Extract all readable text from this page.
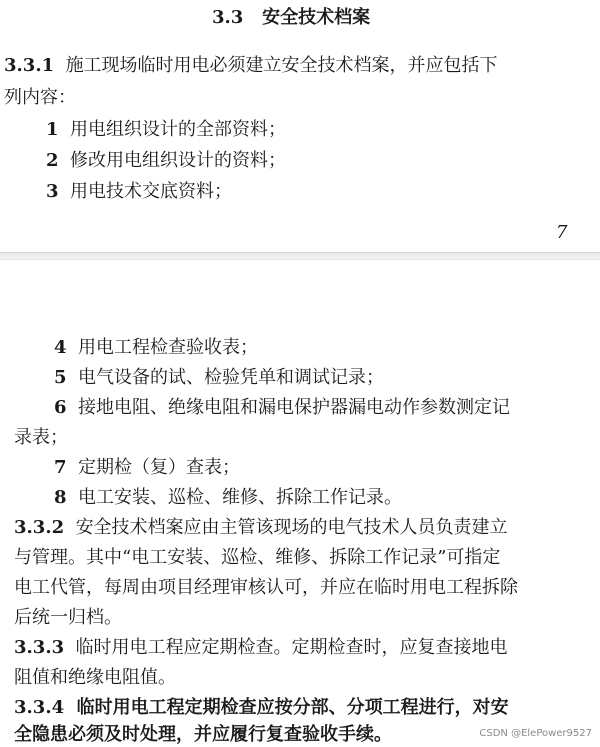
3.3 安全技术档案
3.3.1 施工现场临时用电必须建立安全技术档案，并应包括下
列内容：
1 用电组织设计的全部资料；
2 修改用电组织设计的资料；
3 用电技术交底资料；
7
4 用电工程检查验收表；
5 电气设备的试、检验凭单和调试记录；
6 接地电阻、绝缘电阻和漏电保护器漏电动作参数测定记
录表；
7 定期检（复）查表；
8 电工安装、巡检、维修、拆除工作记录。
3.3.2 安全技术档案应由主管该现场的电气技术人员负责建立
与管理。其中“电工安装、巡检、维修、拆除工作记录”可指定
电工代管，每周由项目经理审核认可，并应在临时用电工程拆除
后统一归档。
3.3.3 临时用电工程应定期检查。定期检查时，应复查接地电
阻值和绝缘电阻值。
3.3.4 临时用电工程定期检查应按分部、分项工程进行，对安
全隐患必须及时处理，并应履行复查验收手续。	CSDN @ElePower9527
